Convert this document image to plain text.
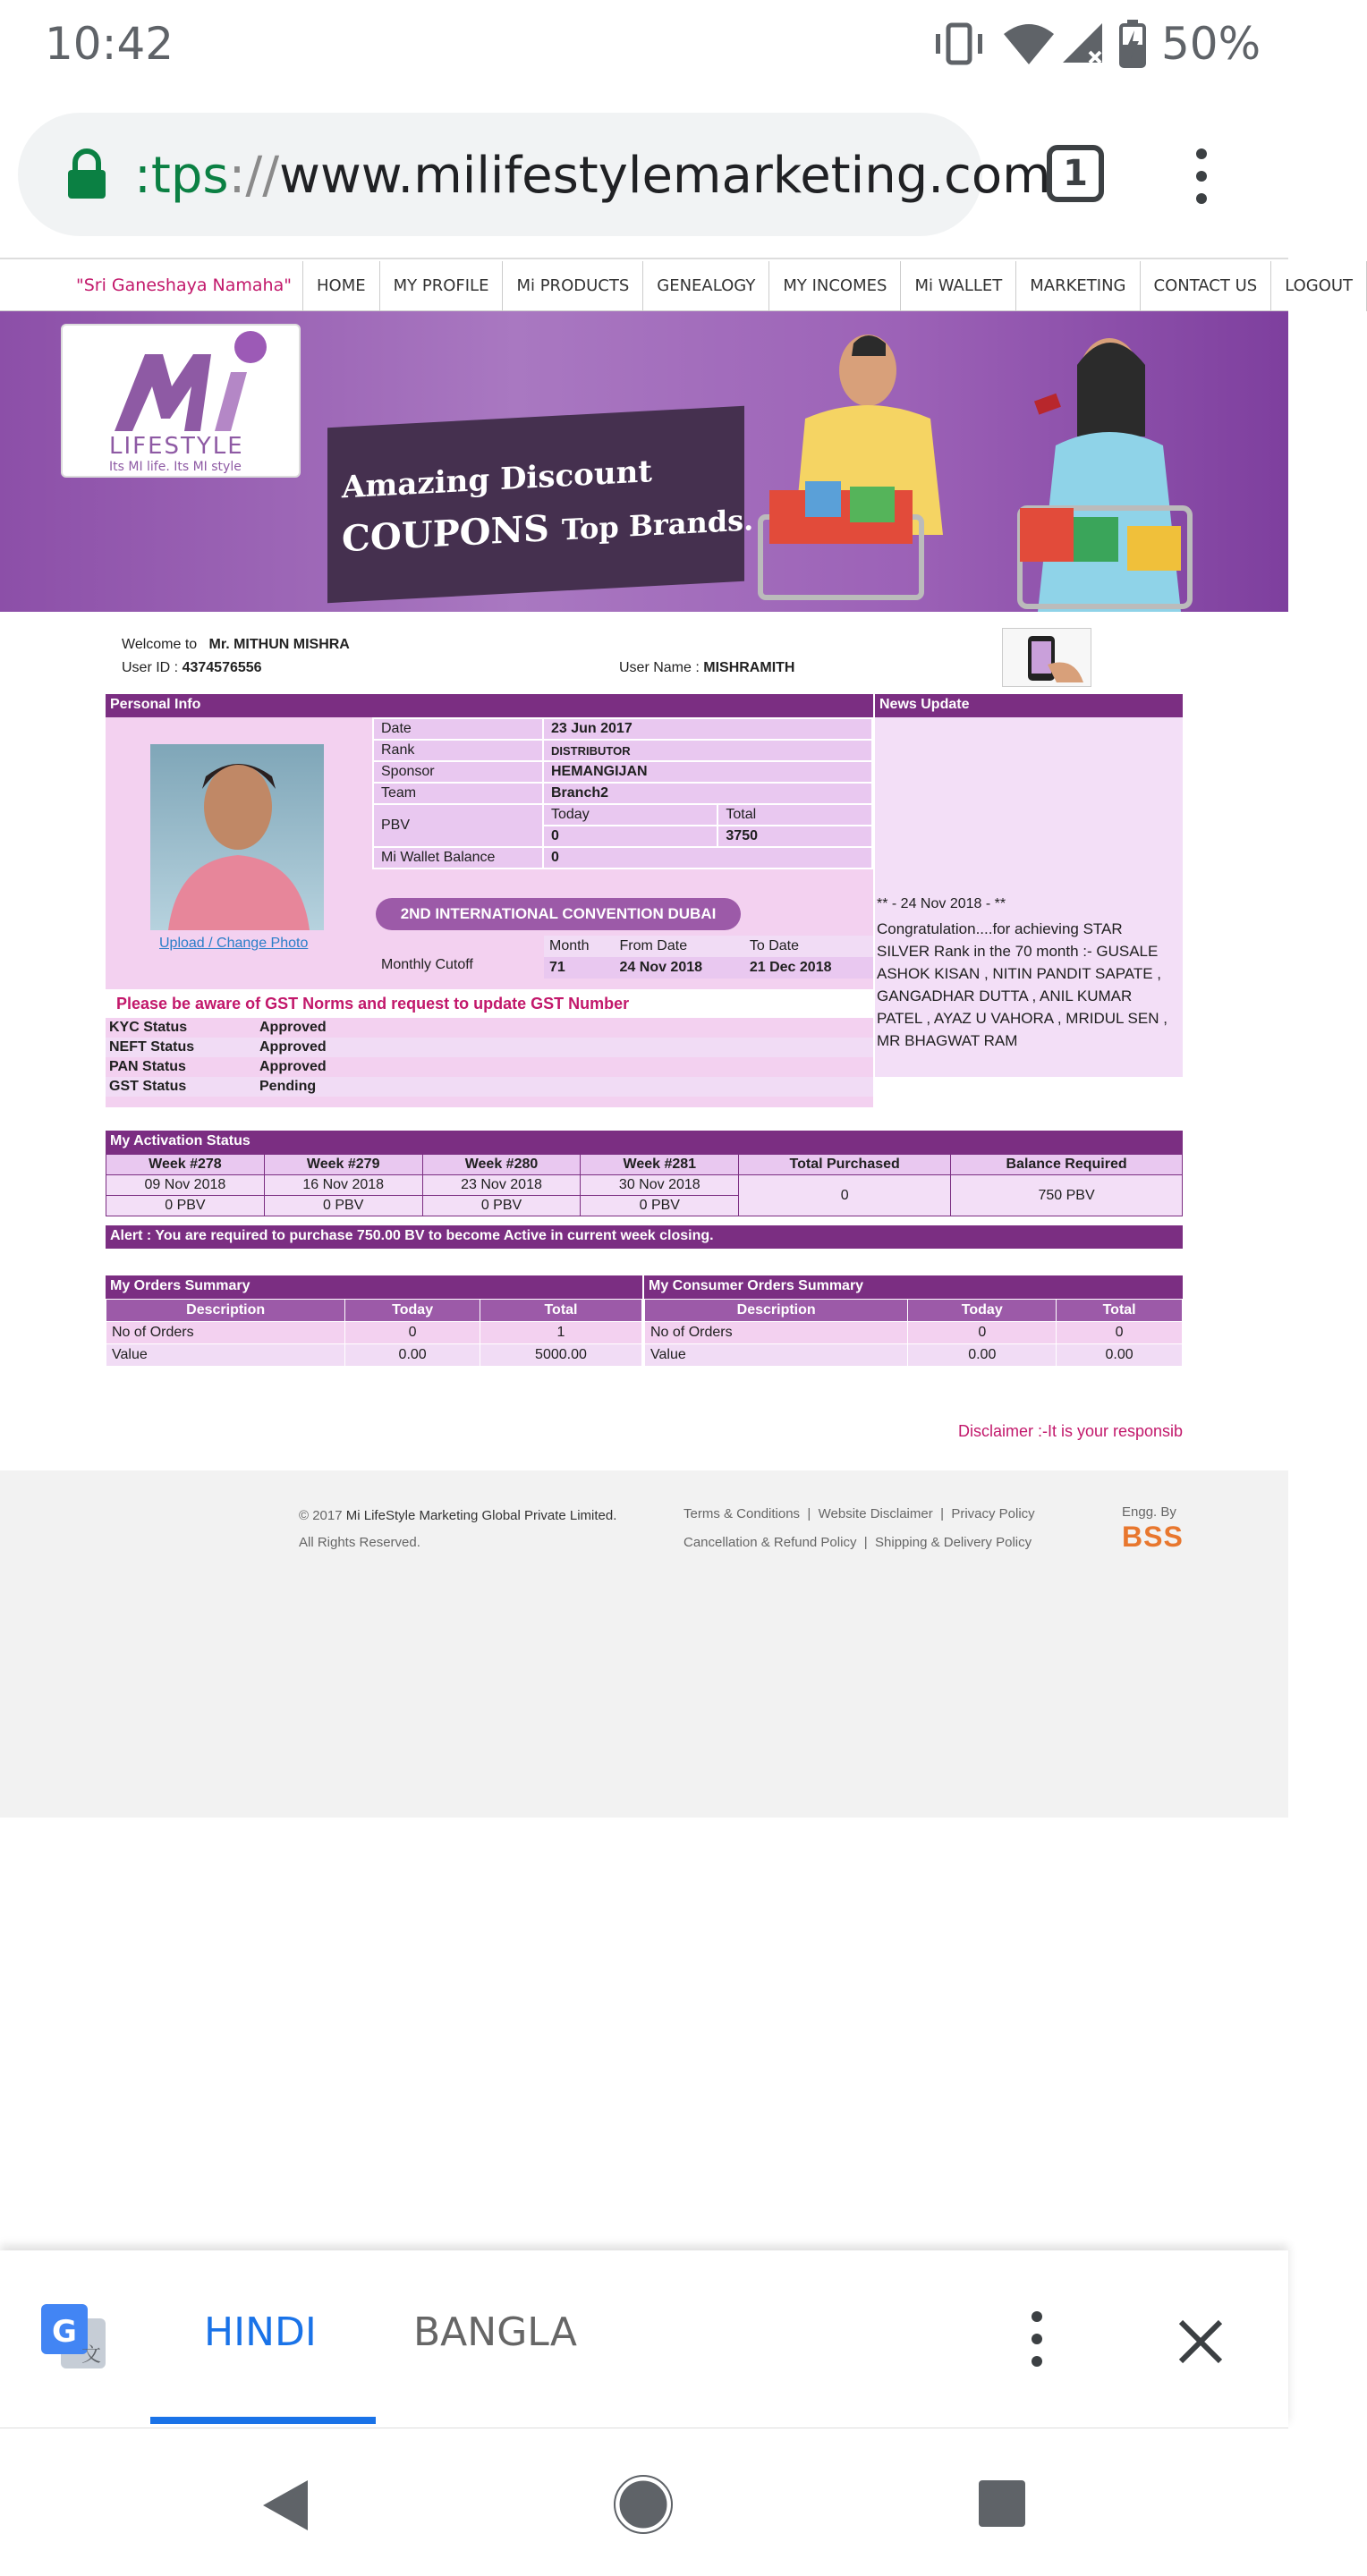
10:42	50%
:tps://www.milifestylemarketing.com 1
"Sri Ganeshaya Namaha"	HOME	MY PROFILE	Mi PRODUCTS	GENEALOGY	MY INCOMES	Mi WALLET	MARKETING	CONTACT US	LOGOUT
LIFESTYLE
Its MI life. Its MI style	Amazing Discount
COUPONS Top Brands.
Welcome to Mr. MITHUN MISHRA
User ID : 4374576556	User Name : MISHRAMITH
Personal Info	News Update
Upload / Change Photo
Date	23 Jun 2017	
Rank	DISTRIBUTOR	
Sponsor	HEMANGIJAN	
Team	Branch2	
PBV	Today	Total
	0	3750
Mi Wallet Balance	0	
2ND INTERNATIONAL CONVENTION DUBAI
Monthly Cutoff
Month	From Date	To Date
71	24 Nov 2018	21 Dec 2018
Please be aware of GST Norms and request to update GST Number
KYC Status	Approved
NEFT Status	Approved
PAN Status	Approved
GST Status	Pending
** - 24 Nov 2018 - **
Congratulation....for achieving STAR SILVER Rank in the 70 month :- GUSALE ASHOK KISAN , NITIN PANDIT SAPATE , GANGADHAR DUTTA , ANIL KUMAR PATEL , AYAZ U VAHORA , MRIDUL SEN , MR BHAGWAT RAM
My Activation Status
Week #278	Week #279	Week #280	Week #281	Total Purchased	Balance Required
09 Nov 2018	16 Nov 2018	23 Nov 2018	30 Nov 2018	0	750 PBV
0 PBV	0 PBV	0 PBV	0 PBV		
Alert : You are required to purchase 750.00 BV to become Active in current week closing.
My Orders Summary
Description	Today	Total
No of Orders	0	1
Value	0.00	5000.00
My Consumer Orders Summary
Description	Today	Total
No of Orders	0	0
Value	0.00	0.00
Disclaimer :-It is your responsib
© 2017 Mi LifeStyle Marketing Global Private Limited.
All Rights Reserved.
Terms & Conditions  |  Website Disclaimer  |  Privacy Policy
Cancellation & Refund Policy  |  Shipping & Delivery Policy
Engg. By
BSS
G
文
HINDI BANGLA
